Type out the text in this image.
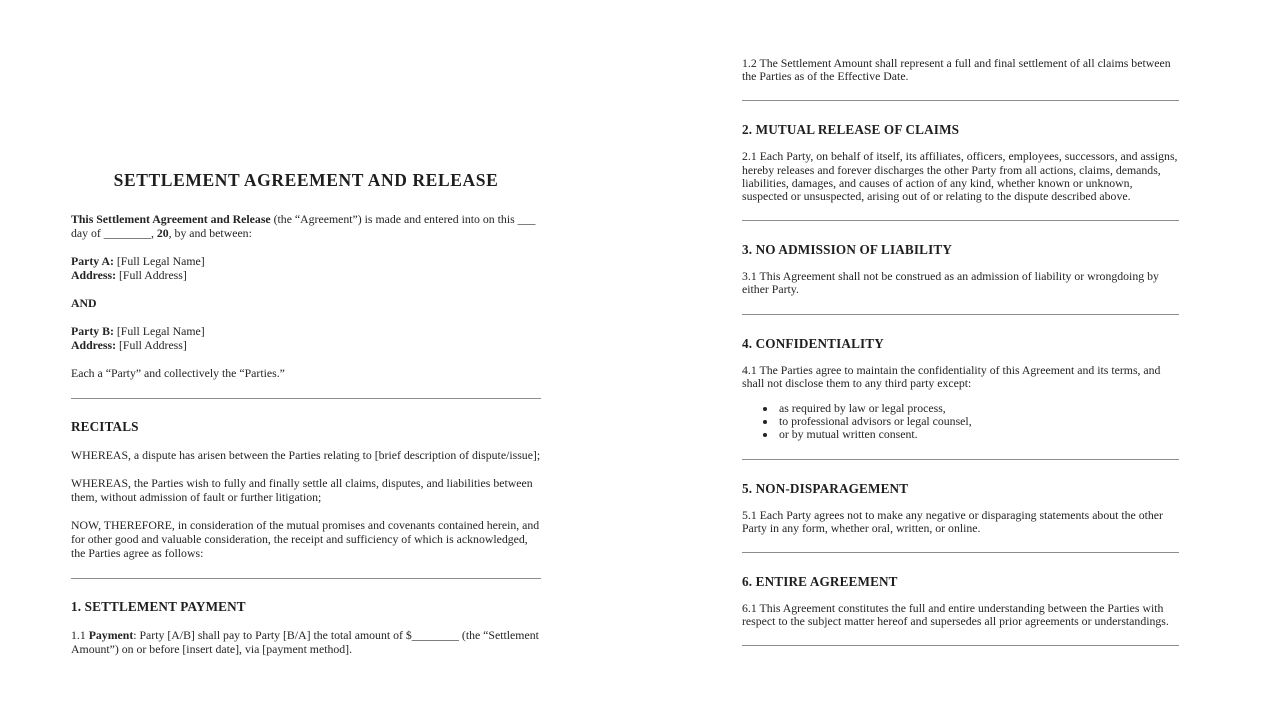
SETTLEMENT AGREEMENT AND RELEASE

This Settlement Agreement and Release (the “Agreement”) is made and entered into on this ___ day of ________, 20, by and between:

Party A: [Full Legal Name]
Address: [Full Address]

AND

Party B: [Full Legal Name]
Address: [Full Address]

Each a “Party” and collectively the “Parties.”

RECITALS

WHEREAS, a dispute has arisen between the Parties relating to [brief description of dispute/issue];

WHEREAS, the Parties wish to fully and finally settle all claims, disputes, and liabilities between them, without admission of fault or further litigation;

NOW, THEREFORE, in consideration of the mutual promises and covenants contained herein, and for other good and valuable consideration, the receipt and sufficiency of which is acknowledged, the Parties agree as follows:

1. SETTLEMENT PAYMENT

1.1 Payment: Party [A/B] shall pay to Party [B/A] the total amount of $________ (the “Settlement Amount”) on or before [insert date], via [payment method].

1.2 The Settlement Amount shall represent a full and final settlement of all claims between the Parties as of the Effective Date.

2. MUTUAL RELEASE OF CLAIMS

2.1 Each Party, on behalf of itself, its affiliates, officers, employees, successors, and assigns, hereby releases and forever discharges the other Party from all actions, claims, demands, liabilities, damages, and causes of action of any kind, whether known or unknown, suspected or unsuspected, arising out of or relating to the dispute described above.

3. NO ADMISSION OF LIABILITY

3.1 This Agreement shall not be construed as an admission of liability or wrongdoing by either Party.

4. CONFIDENTIALITY

4.1 The Parties agree to maintain the confidentiality of this Agreement and its terms, and shall not disclose them to any third party except:

• as required by law or legal process,
• to professional advisors or legal counsel,
• or by mutual written consent.
5. NON-DISPARAGEMENT

5.1 Each Party agrees not to make any negative or disparaging statements about the other Party in any form, whether oral, written, or online.

6. ENTIRE AGREEMENT

6.1 This Agreement constitutes the full and entire understanding between the Parties with respect to the subject matter hereof and supersedes all prior agreements or understandings.
